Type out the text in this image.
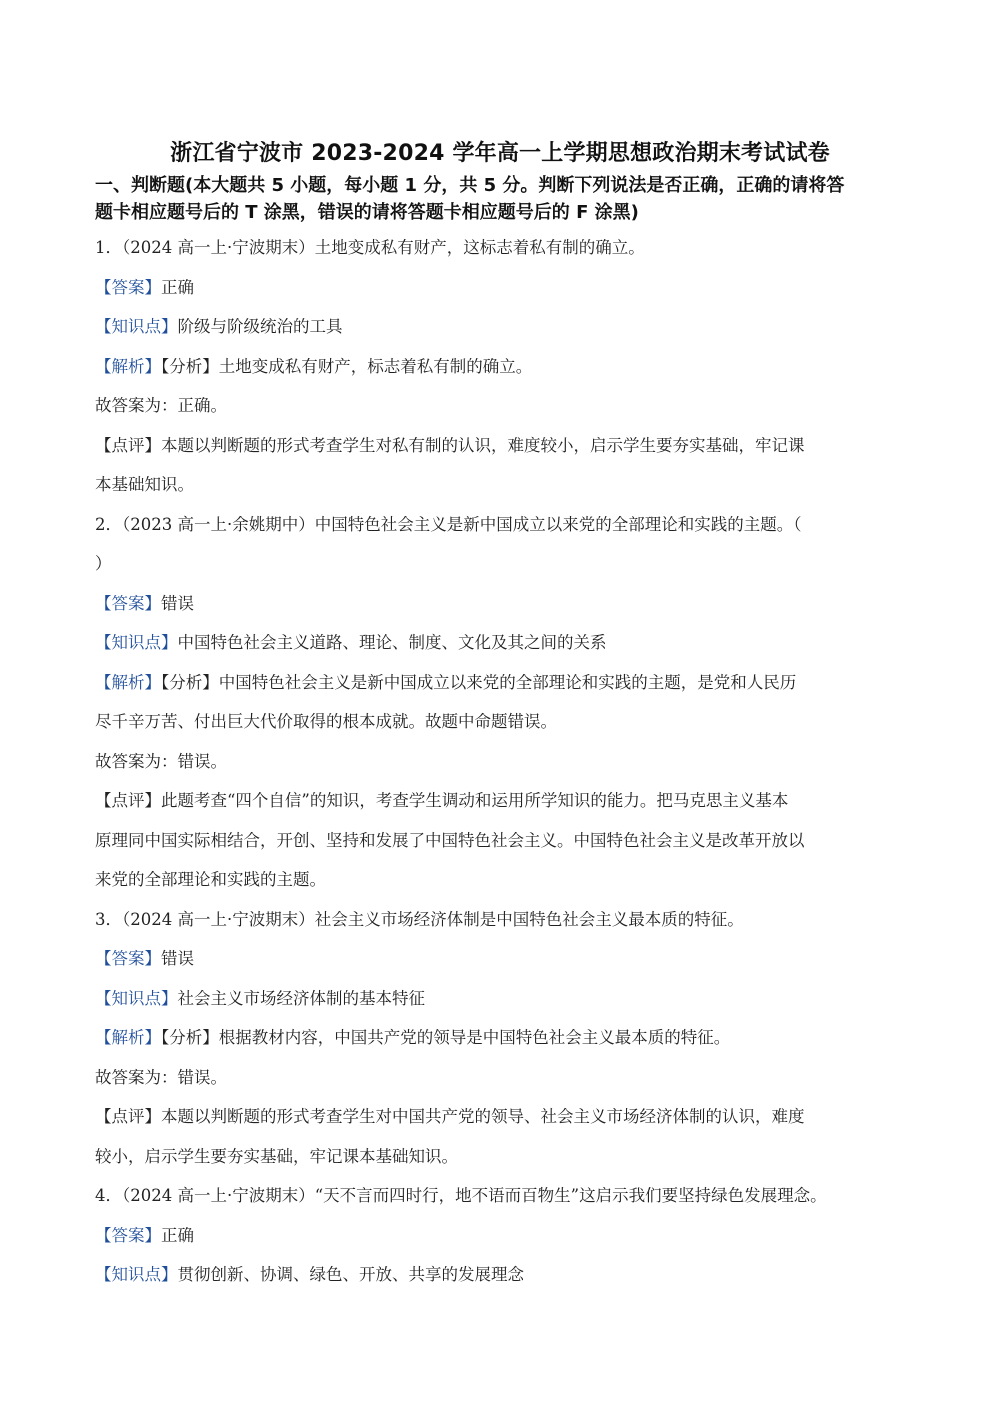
浙江省宁波市 2023-2024 学年高一上学期思想政治期末考试试卷
一、判断题(本大题共 5 小题，每小题 1 分，共 5 分。判断下列说法是否正确，正确的请将答
题卡相应题号后的 T 涂黑，错误的请将答题卡相应题号后的 F 涂黑)
1．（2024 高一上·宁波期末）土地变成私有财产，这标志着私有制的确立。
【答案】正确
【知识点】阶级与阶级统治的工具
【解析】【分析】土地变成私有财产，标志着私有制的确立。
故答案为：正确。
【点评】本题以判断题的形式考查学生对私有制的认识，难度较小，启示学生要夯实基础，牢记课
本基础知识。
2．（2023 高一上·余姚期中）中国特色社会主义是新中国成立以来党的全部理论和实践的主题。（
）
【答案】错误
【知识点】中国特色社会主义道路、理论、制度、文化及其之间的关系
【解析】【分析】中国特色社会主义是新中国成立以来党的全部理论和实践的主题，是党和人民历
尽千辛万苦、付出巨大代价取得的根本成就。故题中命题错误。
故答案为：错误。
【点评】此题考查“四个自信”的知识，考查学生调动和运用所学知识的能力。把马克思主义基本
原理同中国实际相结合，开创、坚持和发展了中国特色社会主义。中国特色社会主义是改革开放以
来党的全部理论和实践的主题。
3．（2024 高一上·宁波期末）社会主义市场经济体制是中国特色社会主义最本质的特征。
【答案】错误
【知识点】社会主义市场经济体制的基本特征
【解析】【分析】根据教材内容，中国共产党的领导是中国特色社会主义最本质的特征。
故答案为：错误。
【点评】本题以判断题的形式考查学生对中国共产党的领导、社会主义市场经济体制的认识，难度
较小，启示学生要夯实基础，牢记课本基础知识。
4．（2024 高一上·宁波期末）“天不言而四时行，地不语而百物生”这启示我们要坚持绿色发展理念。
【答案】正确
【知识点】贯彻创新、协调、绿色、开放、共享的发展理念
